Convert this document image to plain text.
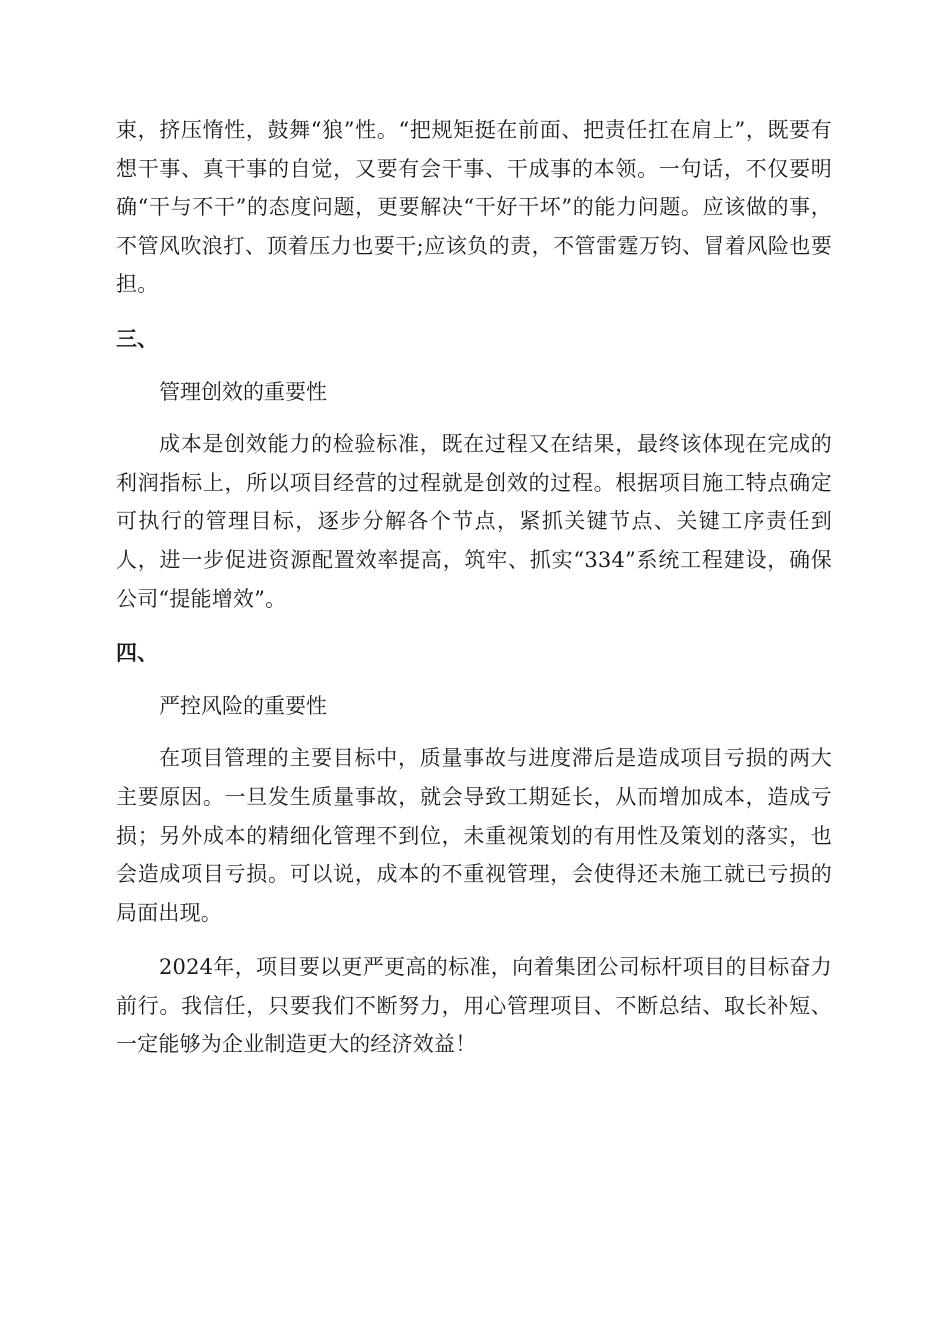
束，挤压惰性，鼓舞“狼”性。“把规矩挺在前面、把责任扛在肩上”，既要有想干事、真干事的自觉，又要有会干事、干成事的本领。一句话，不仅要明确“干与不干”的态度问题，更要解决“干好干坏”的能力问题。应该做的事，不管风吹浪打、顶着压力也要干;应该负的责，不管雷霆万钧、冒着风险也要担。

三、

管理创效的重要性

成本是创效能力的检验标准，既在过程又在结果，最终该体现在完成的利润指标上，所以项目经营的过程就是创效的过程。根据项目施工特点确定可执行的管理目标，逐步分解各个节点，紧抓关键节点、关键工序责任到人，进一步促进资源配置效率提高，筑牢、抓实“334”系统工程建设，确保公司“提能增效”。

四、

严控风险的重要性

在项目管理的主要目标中，质量事故与进度滞后是造成项目亏损的两大主要原因。一旦发生质量事故，就会导致工期延长，从而增加成本，造成亏损；另外成本的精细化管理不到位，未重视策划的有用性及策划的落实，也会造成项目亏损。可以说，成本的不重视管理，会使得还未施工就已亏损的局面出现。

2024年，项目要以更严更高的标准，向着集团公司标杆项目的目标奋力前行。我信任，只要我们不断努力，用心管理项目、不断总结、取长补短、一定能够为企业制造更大的经济效益！
